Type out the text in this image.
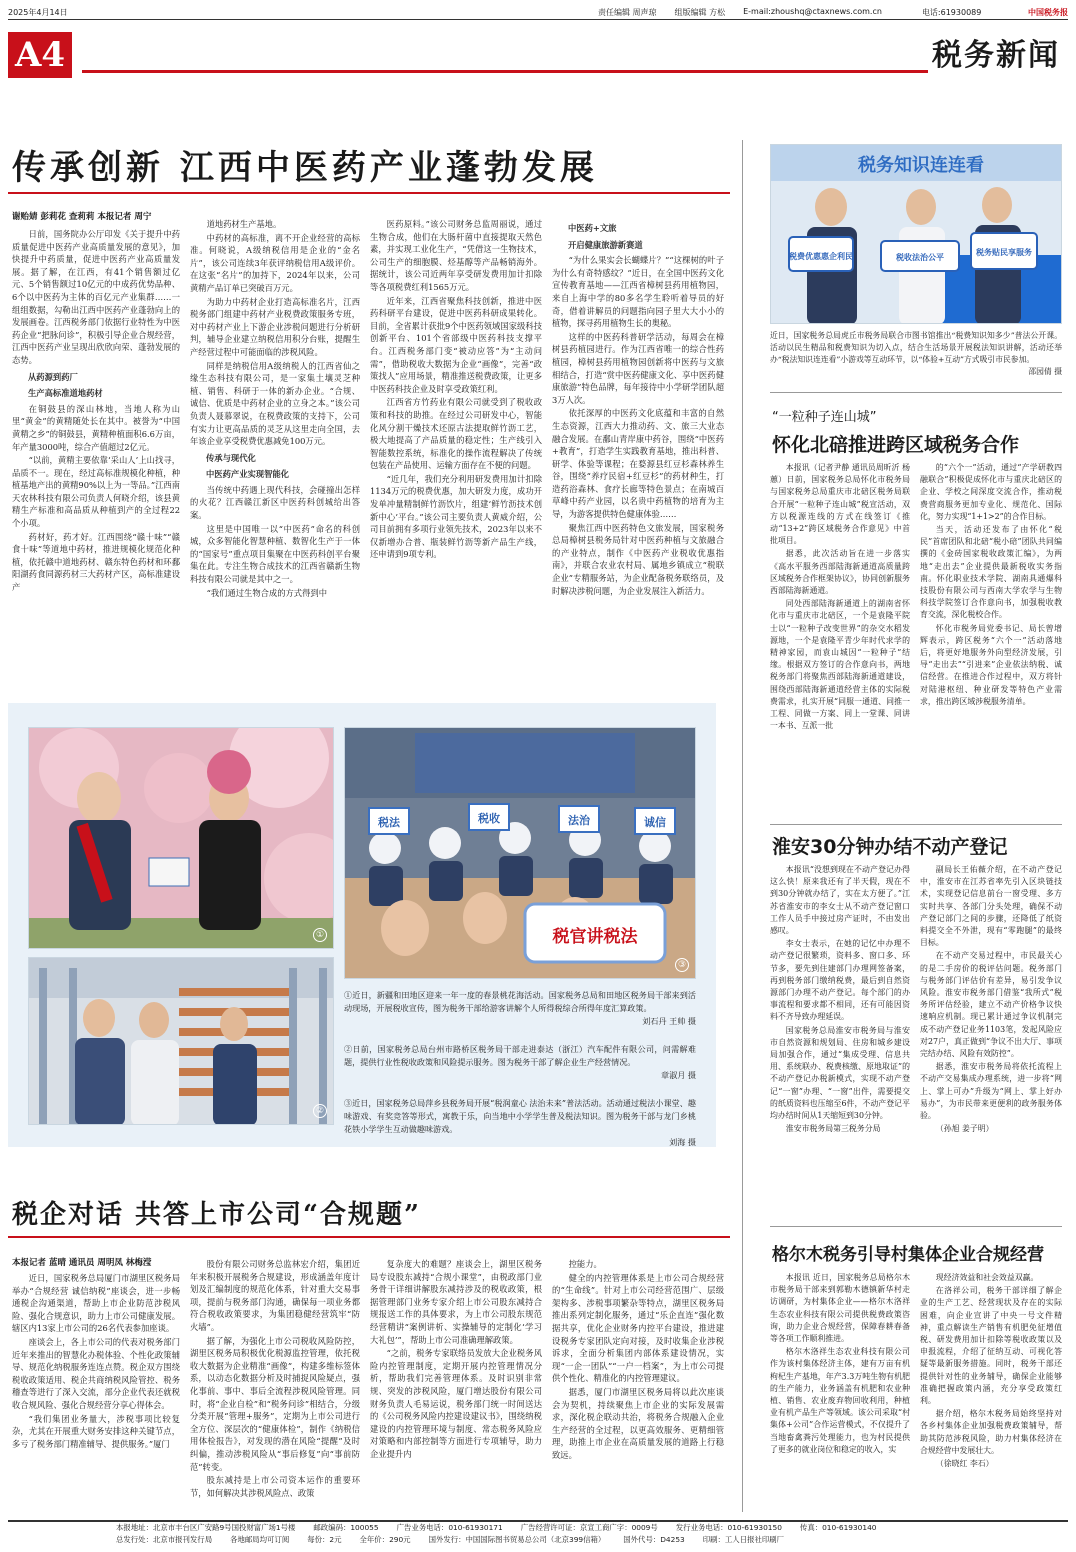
2025年4月14日	责任编辑 周声琼 组版编辑 方松 E-mail:zhoushq@ctaxnews.com.cn	电话:61930089	中国税务报
A4	税务新闻
传承创新 江西中医药产业蓬勃发展
谢贻婧 彭莉花 查莉莉 本报记者 周宁

日前，国务院办公厅印发《关于提升中药质量促进中医药产业高质量发展的意见》，加快提升中药质量，促进中医药产业高质量发展。据了解，在江西，有41个销售额过亿元、5个销售额过10亿元的中成药优势品种、6个以中医药为主体的百亿元产业集群……一组组数据，勾勒出江西中医药产业蓬勃向上的发展画卷。江西税务部门依据行业特性为中医药企业“把脉问诊”，积极引导企业合规经营，江西中医药产业呈现出欣欣向荣、蓬勃发展的态势。

从药源到药厂

生产高标准道地药材

在铜鼓县的深山林地，当地人称为山里“黄金”的黄精随处长在其中。被誉为“中国黄精之乡”的铜鼓县，黄精种植面积6.6万亩，年产量3000吨，综合产值超过2亿元。

“以前，黄精主要依靠‘采山人’上山找寻，品质不一。现在，经过高标准规模化种植，种植基地产出的黄精90%以上为一等品。”江西南天农林科技有限公司负责人何晓介绍，该县黄精生产标准和高品质从种植到产的全过程22个小项。

药材好，药才好。江西围绕“赣十味”“赣食十味”等道地中药材，推进规模化规范化种植，依托赣中道地药材、赣东特色药材和环鄱阳湖药食同源药材三大药材产区，高标准建设产

道地药材生产基地。

中药材的高标准，离不开企业经营的高标准。何晓说，A级纳税信用是企业的“金名片”，该公司连续3年获评纳税信用A级评价。在这张“名片”的加持下，2024年以来，公司黄精产品订单已突破百万元。

为助力中药材企业打造高标准名片，江西税务部门组建中药材产业税费政策服务专班，对中药材产业上下游企业涉税问题进行分析研判，辅导企业建立纳税信用积分台账，提醒生产经营过程中可能面临的涉税风险。

同样是纳税信用A级纳税人的江西省仙之缘生态科技有限公司，是一家集土壤灵芝种植、销售、科研于一体的新办企业。“合规、诚信、优质是中药材企业的立身之本。”该公司负责人聂慕翠说，在税费政策的支持下，公司有实力让更高品质的灵芝从这里走向全国，去年该企业享受税费优惠减免100万元。

传承与现代化

中医药产业实现智能化

当传统中药遇上现代科技，会碰撞出怎样的火花？江西赣江新区中医药科创城给出答案。

这里是中国唯一以“中医药”命名的科创城，众多智能化智慧种植、数智化生产于一体的“国家号”重点项目集聚在中医药科创平台聚集在此。专注生物合成技术的江西省赣新生物科技有限公司就是其中之一。

“我们通过生物合成的方式得到中

医药原料。”该公司财务总监周丽说，通过生物合成，他们在大肠杆菌中直接提取天然色素，并实现工业化生产，“凭借这一生物技术，公司生产的细胞膜、烃基醇等产品畅销海外。据统计，该公司近两年享受研发费用加计扣除等各项税费红利1565万元。

近年来，江西省聚焦科技创新，推进中医药科研平台建设，促进中医药科研成果转化。目前，全省累计获批9个中医药领域国家级科技创新平台、101个省部级中医药科技支撑平台。江西税务部门变“被动应答”为“主动问需”，借助税收大数据为企业“画像”，完善“政策找人”应用场景，精准推送税费政策，让更多中医药科技企业及时享受政策红利。

江西省方竹药业有限公司就受到了税收政策和科技的助推。在经过公司研发中心，智能化风分割干燥技术还原古法提取鲜竹沥工艺，极大地提高了产品质量的稳定性；生产线引入智能数控系统，标准化的操作流程解决了传统包装在产品使用、运输方面存在不便的问题。

“近几年，我们充分利用研发费用加计扣除1134万元的税费优惠，加大研发力度，成功开发单冲量精制鲜竹沥饮片，组建‘鲜竹沥技术创新中心’平台。”该公司主要负责人黄威介绍，公司目前拥有多项行业领先技术，2023年以来不仅新增办合普、瓶装鲜竹沥等新产品生产线，还申请到9项专利。

中医药+文旅

开启健康旅游新赛道

“为什么果实会长蝴蝶片？”“这棵树的叶子为什么有奇特感纹？”近日，在全国中医药文化宣传教育基地——江西省樟树县药用植物园，来自上海中学的80多名学生聆听着导员的好奇，借着讲解员的问题指向园子里大大小小的植物，探寻药用植物生长的奥秘。

这样的中医药科普研学活动，每周会在樟树县药植园进行。作为江西省唯一的综合性药植园，樟树县药用植物园创新将中医药与文旅相结合，打造“赏中医药健康文化、享中医药健康旅游”特色品牌，每年接待中小学研学团队超3万人次。

依托深厚的中医药文化底蕴和丰富的自然生态资源，江西大力推动药、文、旅三大业态融合发展。在鄱山青岸康中药谷，围绕“中医药+教育”，打造学生实践教育基地，推出科普、研学、体验等课程；在婺源县红豆杉森林养生谷，围绕“养疗民宿+红豆杉”的药材种生，打造药浴森林、食疗长廊等特色景点；在南城百草峰中药产业园，以名贵中药植物的培育为主导，为游客提供特色健康体验……

聚焦江西中医药特色文旅发展，国家税务总局樟树县税务局针对中医药种植与文旅融合的产业特点，制作《中医药产业税收优惠指南》，并联合农业农村局、属地乡镇成立“税联企业”专精服务站，为企业配备税务联络员，及时解决涉税问题，为企业发展注入新活力。

①
②
税法	税收	法治	诚信
税官讲税法
③
①近日，新疆和田地区迎来一年一度的春景桃花海活动。国家税务总局和田地区税务局干部来到活动现场，开展税收宣传，图为税务干部给游客讲解个人所得税综合所得年度汇算政策。
刘石丹 王帅 摄
②日前，国家税务总局台州市路桥区税务局干部走进泰达（浙江）汽车配件有限公司，问需解难题，提供行业性税收政策和风险提示服务。图为税务干部了解企业生产经营情况。
章淑月 摄
③近日，国家税务总局萍乡县税务局开展“税润童心 法治未来”普法活动。活动通过税法小课堂、趣味游戏、有奖竞答等形式，寓教于乐，向当地中小学学生普及税法知识。图为税务干部与龙门乡桃花铁小学学生互动做趣味游戏。
刘海 摄
税企对话 共答上市公司“合规题”
本报记者 蓝晴 通讯员 周明凤 林梅滢

近日，国家税务总局厦门市湖里区税务局举办“合规经营 诚信纳税”座谈会，进一步畅通税企沟通渠道，帮助上市企业防范涉税风险、强化合规意识，助力上市公司健康发展。辖区内13家上市公司的26名代表参加座谈。

座谈会上，各上市公司的代表对税务部门近年来推出的智慧化办税体验、个性化政策辅导、规范化纳税服务连连点赞。税企双方围绕税收政策适用、税企共商纳税风险管控、税务稽查等进行了深入交流，部分企业代表还就税收合规风险、强化合规经营分享心得体会。

“我们集团业务量大，涉税事项比较复杂，尤其在开展重大财务安排这种关键节点，多亏了税务部门精准辅导、提供服务。”厦门

股份有限公司财务总监林宏介绍，集团近年来积极开展税务合规建设，形成涵盖年度计划及汇编制度的规范化体系，针对重大交易事项，提前与税务部门沟通，确保每一项业务都符合税收政策要求，为集团稳健经营筑牢“防火墙”。

据了解，为强化上市公司税收风险防控，湖里区税务局积极优化税源监控管理，依托税收大数据为企业精准“画像”，构建多维标签体系，以动态化数据分析及时捕捉风险疑点，强化事前、事中、事后全流程涉税风险管理。同时，将“企业自检”和“税务问诊”相结合，分级分类开展“管理+服务”，定期为上市公司进行全方位、深层次的“健康体检”，制作《纳税信用体检报告》，对发现的潜在风险“提醒”及时纠偏，推动涉税风险从“事后修复”向“事前防范”转变。

股东减持是上市公司资本运作的重要环节，如何解决其涉税风险点、政策

复杂度大的难题？座谈会上，湖里区税务局专设股东减持“合规小课堂”，由税政部门业务骨干详细讲解股东减持涉及的税收政策，根据管理部门业务专家介绍上市公司股东减持合规报送工作的具体要求，为上市公司股东规范经营精讲“案例讲析、实操辅导的定制化‘学习大礼包’”，帮助上市公司准确理解政策。

“之前，税务专家联络员发放大企业税务风险内控管理制度，定期开展内控管理情况分析，帮助我们完善管理体系。及时识别非常规、突发的涉税风险，厦门增达股份有限公司财务负责人毛易运说，税务部门统一时间送达的《公司税务风险内控建设建议书》，围绕纳税建设的内控管理环境与制度、常态税务风险应对策略和内部控制等方面进行专项辅导，助力企业提升内

控能力。

健全的内控管理体系是上市公司合规经营的“生命线”。针对上市公司经营范围广、层级架构多、涉税事项繁杂等特点，湖里区税务局推出系列定制化服务，通过“乐企直连”强化数据共享，优化企业财务内控平台建设，推进建设税务专家团队定向对接，及时收集企业涉税诉求，全面分析集团内部体系建设情况，实现“一企一团队”“一户一档案”，为上市公司提供个性化、精准化的内控管理建议。

据悉，厦门市湖里区税务局将以此次座谈会为契机，持续聚焦上市企业的实际发展需求，深化税企联动共治，将税务合规融入企业生产经营的全过程，以更高效服务、更精细管理，助推上市企业在高质量发展的道路上行稳致远。

税务知识连连看
税费优惠惠企利民	税收法治公平
税务贴民享服务
近日，国家税务总局虎丘市税务局联合市图书馆推出“税费知识知多少”普法公开课。活动以民生精品和税费知识为切入点，结合生活场景开展税法知识讲解，活动还举办“税法知识连连看”小游戏等互动环节，以“体验+互动”方式吸引市民参加。
邵园倩 摄
“一粒种子连山城”
怀化北碚推进跨区域税务合作

本报讯（记者尹静 通讯员周昕沂 杨蕙）日前，国家税务总局怀化市税务局与国家税务总局重庆市北碚区税务局联合开展“一粒种子连山城”税宣活动，双方以税源连线的方式在线签订《推动“13+2”跨区域税务合作意见》中首批项目。

据悉，此次活动旨在进一步落实《高水平服务西部陆海新通道高质量跨区域税务合作框架协议》，协同创新服务西部陆海新通道。

同处西部陆海新通道上的湖南省怀化市与重庆市北碚区，一个是袁隆平院士以“一粒种子改变世界”的杂交水稻发源地，一个是袁隆平青少年时代求学的精神家园，而袁山城因“一粒种子”结缘。根据双方签订的合作意向书，两地税务部门将聚焦西部陆海新通道建设，围绕西部陆海新通道经营主体的实际税费需求，扎实开展“同服一通道、同推一工程、同做一方案、同上一堂课、同讲一本书、互派一批

的“六个一”活动，通过“产学研教四融联合”积极促成怀化市与重庆北碚区的企业、学校之间深度交流合作，推动税费营商服务更加专业化、规范化、国际化，努力实现“1+1>2”的合作目标。

当天，活动还发布了由怀化“税民”首席团队和北碚“税小碚”团队共同编撰的《金砖国家税收政策汇编》，为两地“走出去”企业提供最新税收实务指南。怀化职业技术学院、湖南具通爆科技股份有限公司与西南大学农学与生物科技学院签订合作意向书，加强税收教育交流，深化税校合作。

怀化市税务局党委书记、局长曾增辉表示，跨区税务“六个一”活动落地后，将更好地服务外向型经济发展，引导“走出去”“引进来”企业依法纳税、诚信经营。在推进合作过程中，双方将针对陆港枢纽、种业研发等特色产业需求，推出跨区域涉税服务清单。

淮安30分钟办结不动产登记

本报讯“没想到现在不动产登记办得这么快！原来我还有了半天假，现在不到30分钟就办结了，实在太方便了。”江苏省淮安市的李女士从不动产登记窗口工作人员手中接过房产证时，不由发出感叹。

李女士表示，在她的记忆中办理不动产登记很繁琐，资料多、窗口多、环节多，要先到住建部门办理网签备案，再到税务部门缴纳税费，最后到自然资源部门办理不动产登记。每个部门的办事流程和要求都不相同，还有可能因资料不齐导致办理延误。

国家税务总局淮安市税务局与淮安市自然资源和规划局、住房和城乡建设局加强合作，通过“集成受理、信息共用、系统联办、税费核缴、原地取证”的不动产登记办税新模式，实现不动产登记“一窗”办理、“一窗”出件，需要提交的纸质资料也压缩至6件，不动产登记平均办结时间从1天缩短到30分钟。

淮安市税务局第三税务分局

副局长王佑薇介绍，在不动产登记中，淮安市在江苏省率先引入区块链技术，实现登记信息前台一窗受理、多方实时共享、各部门分头处理，确保不动产登记部门之间的步骤，还降低了纸资料提交全不外泄，现有“零跑腿”的最终目标。

在不动产交易过程中，市民最关心的是二手房价的税评估问题。税务部门与税务部门评估价有差异，易引发争议风险。淮安市税务部门借鉴“我所式”税务所评估经验，建立不动产价格争议快速响应机制。现已累计通过争议机制完成不动产登记业务1103笔，发起风险应对27户，真正做到“争议不出大厅、事项完结办结、风险有效防控”。

据悉，淮安市税务局将依托流程上不动产交易集成办理系统，进一步将“网上、掌上可办”升级为“网上、掌上好办易办”，为市民带来更便利的政务服务体验。

（孙旭 姜子明）

格尔木税务引导村集体企业合规经营

本报讯 近日，国家税务总局格尔木市税务局干部来到郭勒木德镇新华村走访调研，为村集体企业——格尔木洛祥生态农业科技有限公司提供税费政策咨询，助力企业合规经营，保障春耕春备等各项工作顺利推进。

格尔木洛祥生态农业科技有限公司作为该村集体经济主体，建有万亩有机枸杞生产基地，年产3.3万吨生物有机肥的生产能力，业务涵盖有机肥和农业种植、销售、农业废弃物回收利用，种植业有机产品生产等领域。该公司采取“村集体+公司”合作运营模式，不仅提升了当地畜禽粪污处理能力，也为村民提供了更多的就业岗位和稳定的收入，实

现经济效益和社会效益双赢。

在洛祥公司，税务干部详细了解企业的生产工艺、经营现状及存在的实际困难，向企业宣讲了中央一号文件精神，重点解读生产销售有机肥免征增值税、研发费用加计扣除等税收政策以及申报流程，介绍了征纳互动、可视化答疑等最新服务措施。同时，税务干部还提供针对性的业务辅导，确保企业能够准确把握政策内涵，充分享受政策红利。

据介绍，格尔木税务局始终坚持对各乡村集体企业加强税费政策辅导，帮助其防范涉税风险，助力村集体经济在合规经营中发展壮大。

（徐晓红 李石）

本报地址：北京市丰台区广安路9号国投财富广场1号楼 邮政编码：100055 广告业务电话：010-61930171 广告经营许可证：京宣工商广字：0009号 发行业务电话：010-61930150 传真：010-61930140
总发行处：北京市报刊发行局 各地邮局均可订阅 每份：2元 全年价：290元 国外发行：中国国际图书贸易总公司（北京399信箱） 国外代号：D4253 印刷：工人日报社印刷厂
